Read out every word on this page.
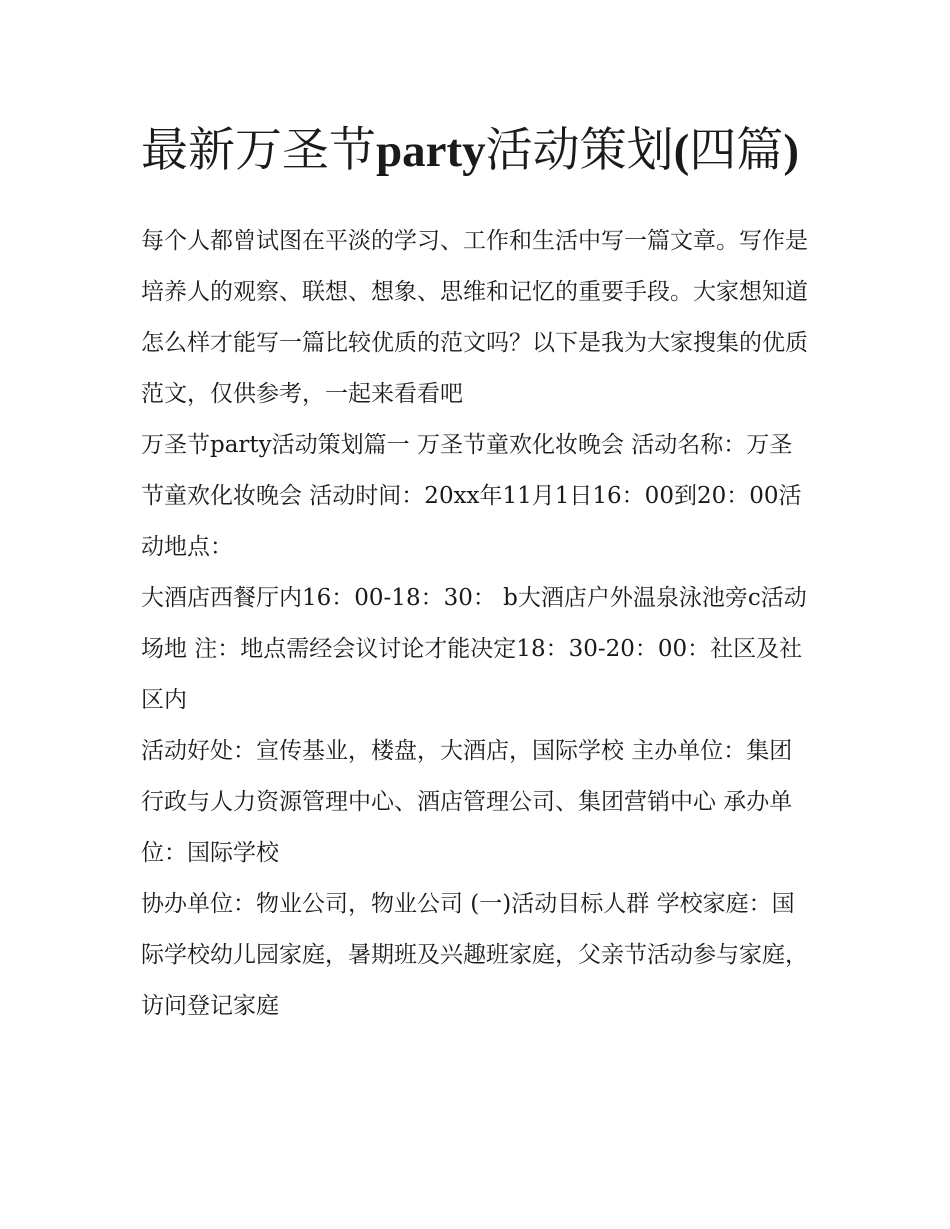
最新万圣节party活动策划(四篇)

每个人都曾试图在平淡的学习、工作和生活中写一篇文章。写作是培养人的观察、联想、想象、思维和记忆的重要手段。大家想知道怎么样才能写一篇比较优质的范文吗？以下是我为大家搜集的优质范文，仅供参考，一起来看看吧

万圣节party活动策划篇一 万圣节童欢化妆晚会 活动名称：万圣节童欢化妆晚会 活动时间：20xx年11月1日16：00到20：00活动地点：

大酒店西餐厅内16：00-18：30： b大酒店户外温泉泳池旁c活动场地 注：地点需经会议讨论才能决定18：30-20：00：社区及社区内

活动好处：宣传基业，楼盘，大酒店，国际学校 主办单位：集团行政与人力资源管理中心、酒店管理公司、集团营销中心 承办单位：国际学校

协办单位：物业公司，物业公司 (一)活动目标人群 学校家庭：国际学校幼儿园家庭，暑期班及兴趣班家庭，父亲节活动参与家庭，访问登记家庭
